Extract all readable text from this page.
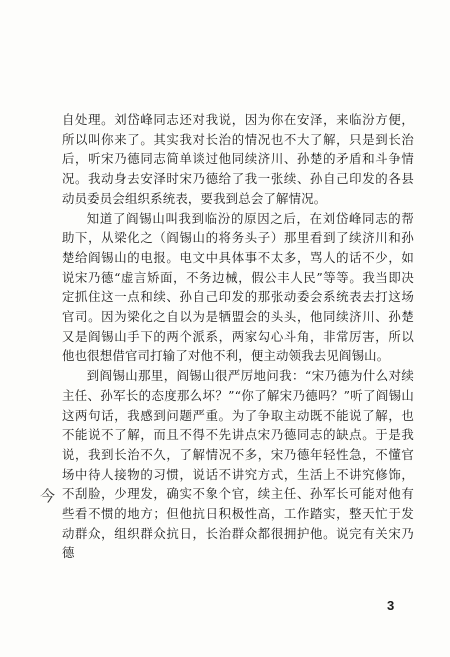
自处理。刘岱峰同志还对我说，因为你在安泽，来临汾方便，所以叫你来了。其实我对长治的情况也不大了解，只是到长治后，听宋乃德同志简单谈过他同续济川、孙楚的矛盾和斗争情况。我动身去安泽时宋乃德给了我一张续、孙自己印发的各县动员委员会组织系统表，要我到总会了解情况。

知道了阎锡山叫我到临汾的原因之后，在刘岱峰同志的帮助下，从梁化之（阎锡山的将务头子）那里看到了续济川和孙楚给阎锡山的电报。电文中具体事不太多，骂人的话不少，如说宋乃德“虚言矫面，不务边械，假公丰人民”等等。我当即决定抓住这一点和续、孙自己印发的那张动委会系统表去打这场官司。因为梁化之自以为是牺盟会的头头，他同续济川、孙楚又是阎锡山手下的两个派系，两家勾心斗角，非常厉害，所以他也很想借官司打输了对他不利，便主动领我去见阎锡山。

到阎锡山那里，阎锡山很严厉地问我：“宋乃德为什么对续主任、孙军长的态度那么坏？”“你了解宋乃德吗？”听了阎锡山这两句话，我感到问题严重。为了争取主动既不能说了解，也不能说不了解，而且不得不先讲点宋乃德同志的缺点。于是我说，我到长治不久，了解情况不多，宋乃德年轻性急，不懂官场中待人接物的习惯，说话不讲究方式，生活上不讲究修饰，不刮脸，少理发，确实不象个官，续主任、孙军长可能对他有些看不惯的地方；但他抗日积极性高，工作踏实，整天忙于发动群众，组织群众抗日，长治群众都很拥护他。说完有关宋乃德

今
3
